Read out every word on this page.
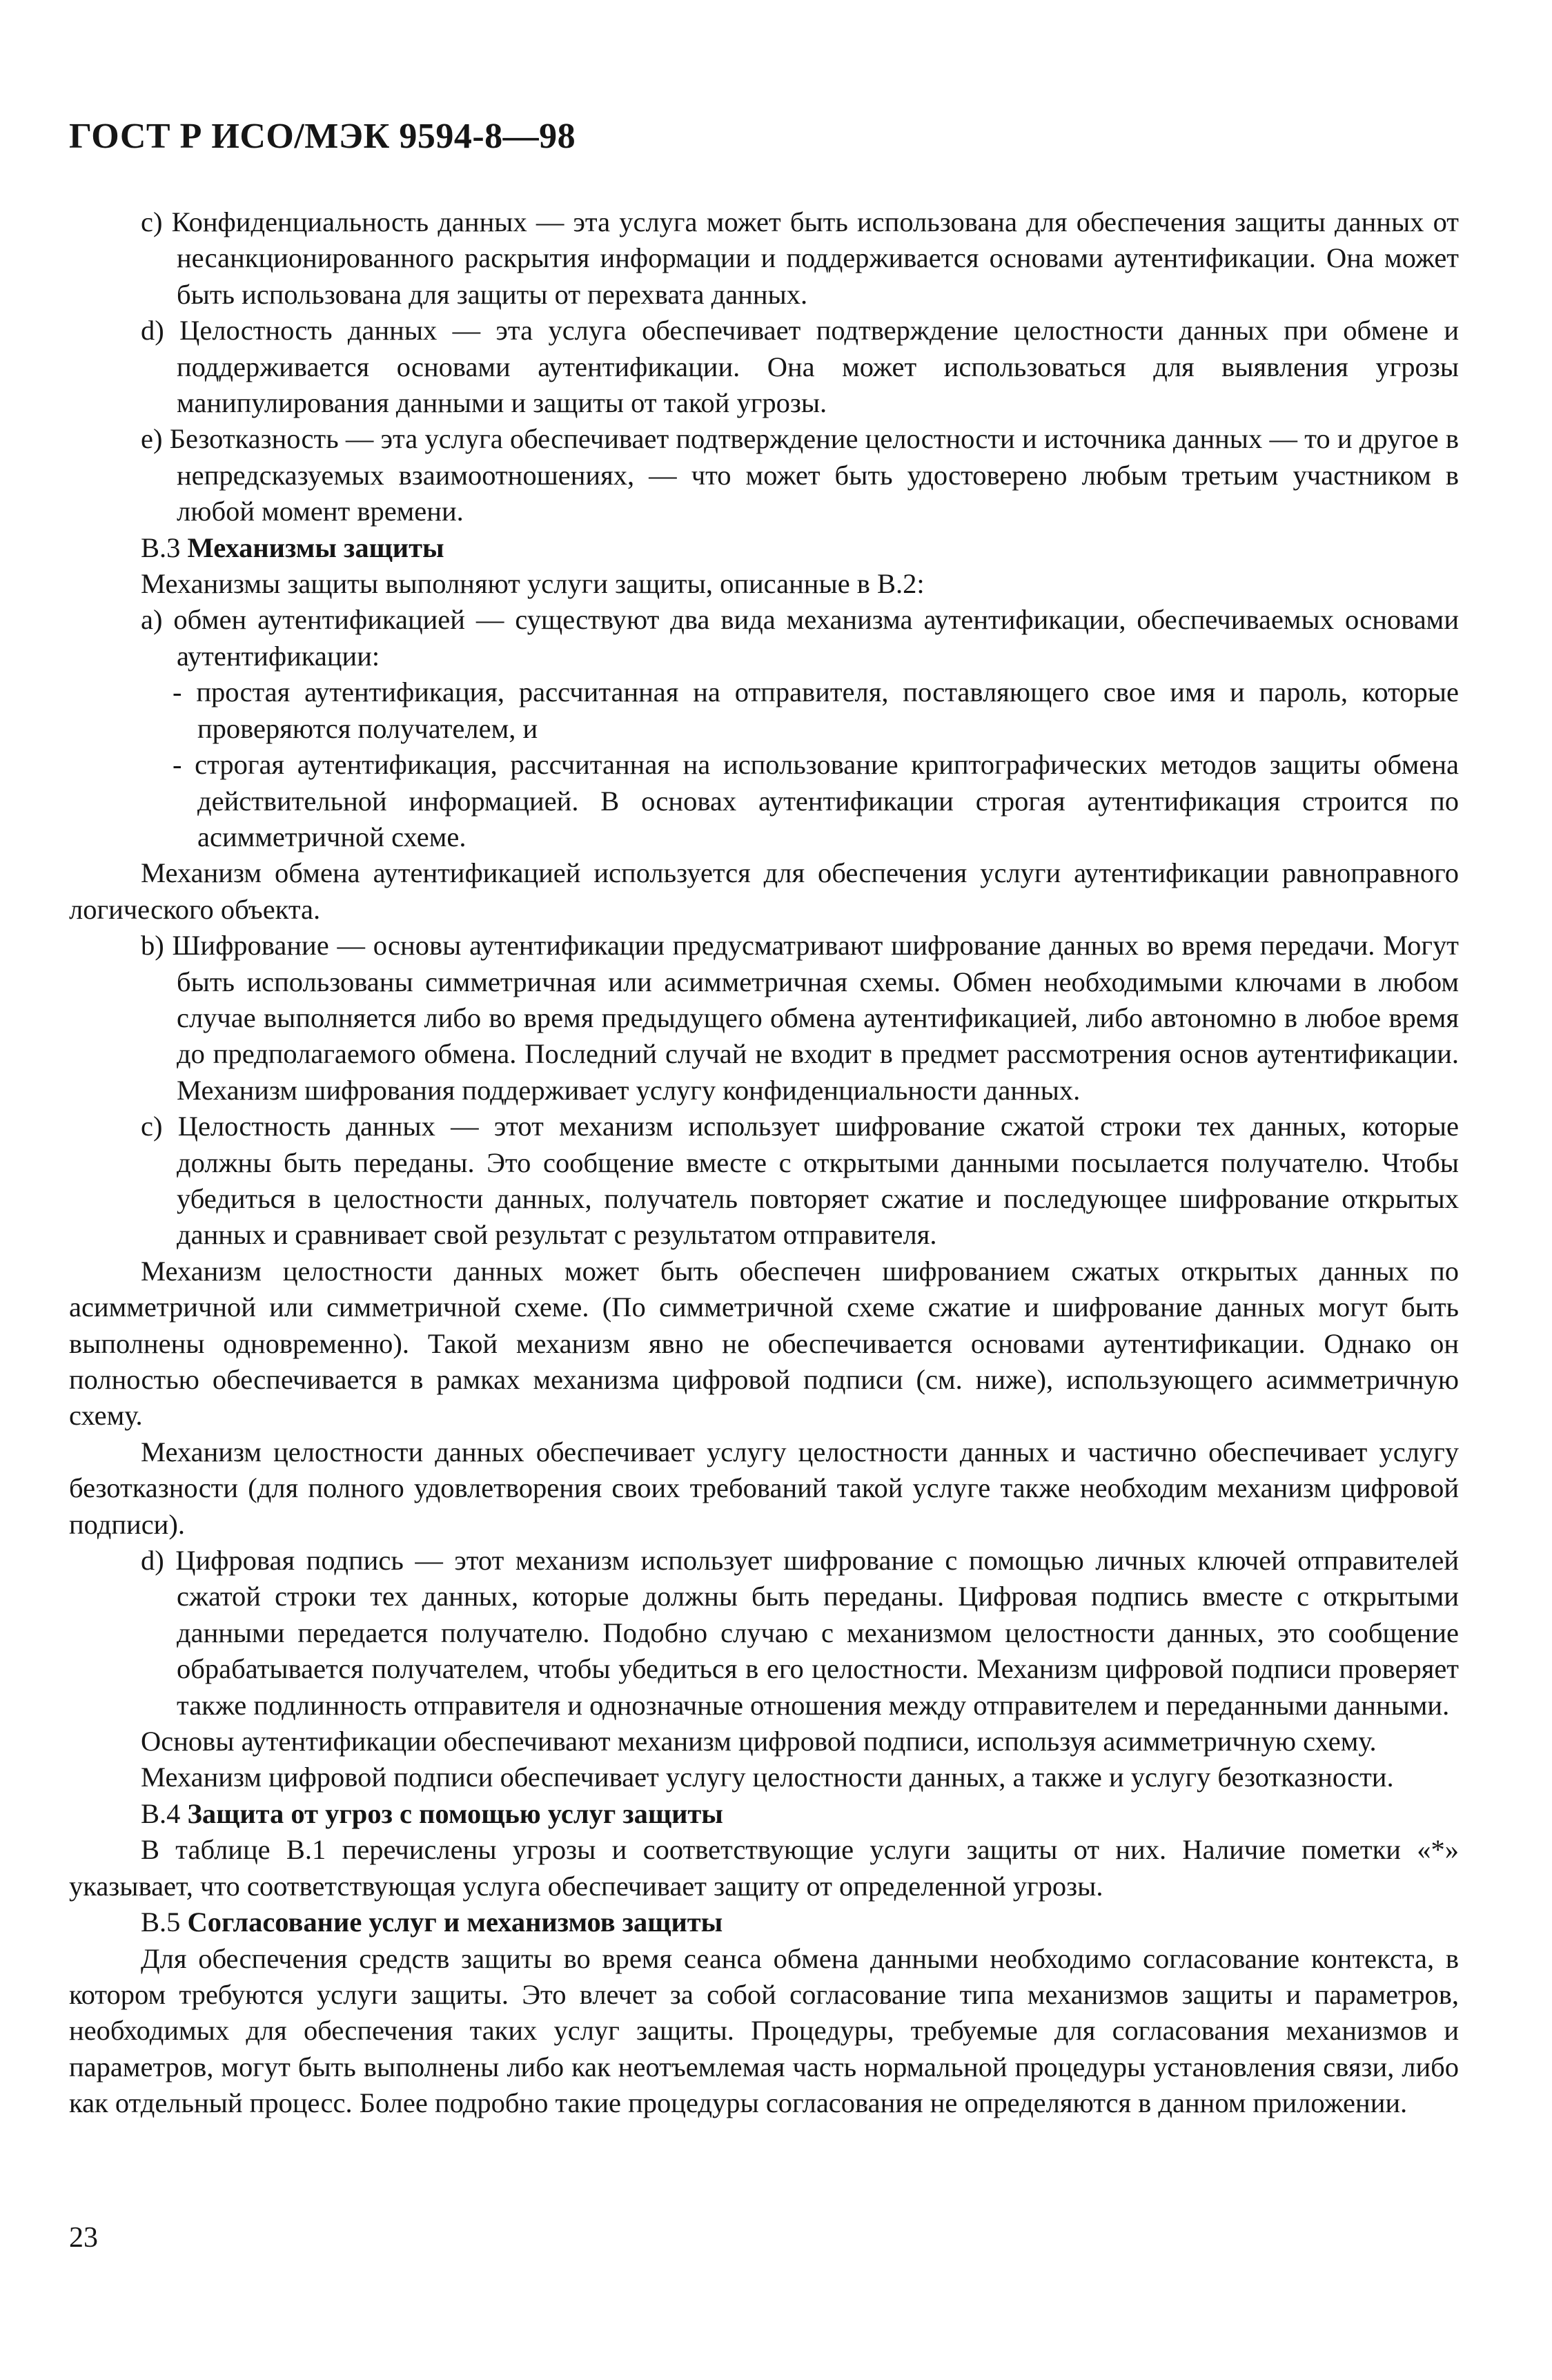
ГОСТ Р ИСО/МЭК 9594-8—98

c) Конфиденциальность данных — эта услуга может быть использована для обеспечения защиты данных от несанкционированного раскрытия информации и поддерживается основами аутентификации. Она может быть использована для защиты от перехвата данных.

d) Целостность данных — эта услуга обеспечивает подтверждение целостности данных при обмене и поддерживается основами аутентификации. Она может использоваться для выявления угрозы манипулирования данными и защиты от такой угрозы.

e) Безотказность — эта услуга обеспечивает подтверждение целостности и источника данных — то и другое в непредсказуемых взаимоотношениях, — что может быть удостоверено любым третьим участником в любой момент времени.

B.3 Механизмы защиты

Механизмы защиты выполняют услуги защиты, описанные в В.2:

a) обмен аутентификацией — существуют два вида механизма аутентификации, обеспечиваемых основами аутентификации:

- простая аутентификация, рассчитанная на отправителя, поставляющего свое имя и пароль, которые проверяются получателем, и

- строгая аутентификация, рассчитанная на использование криптографических методов защиты обмена действительной информацией. В основах аутентификации строгая аутентификация строится по асимметричной схеме.

Механизм обмена аутентификацией используется для обеспечения услуги аутентификации равноправного логического объекта.

b) Шифрование — основы аутентификации предусматривают шифрование данных во время передачи. Могут быть использованы симметричная или асимметричная схемы. Обмен необходимыми ключами в любом случае выполняется либо во время предыдущего обмена аутентификацией, либо автономно в любое время до предполагаемого обмена. Последний случай не входит в предмет рассмотрения основ аутентификации. Механизм шифрования поддерживает услугу конфиденциальности данных.

c) Целостность данных — этот механизм использует шифрование сжатой строки тех данных, которые должны быть переданы. Это сообщение вместе с открытыми данными посылается получателю. Чтобы убедиться в целостности данных, получатель повторяет сжатие и последующее шифрование открытых данных и сравнивает свой результат с результатом отправителя.

Механизм целостности данных может быть обеспечен шифрованием сжатых открытых данных по асимметричной или симметричной схеме. (По симметричной схеме сжатие и шифрование данных могут быть выполнены одновременно). Такой механизм явно не обеспечивается основами аутентификации. Однако он полностью обеспечивается в рамках механизма цифровой подписи (см. ниже), использующего асимметричную схему.

Механизм целостности данных обеспечивает услугу целостности данных и частично обеспечивает услугу безотказности (для полного удовлетворения своих требований такой услуге также необходим механизм цифровой подписи).

d) Цифровая подпись — этот механизм использует шифрование с помощью личных ключей отправителей сжатой строки тех данных, которые должны быть переданы. Цифровая подпись вместе с открытыми данными передается получателю. Подобно случаю с механизмом целостности данных, это сообщение обрабатывается получателем, чтобы убедиться в его целостности. Механизм цифровой подписи проверяет также подлинность отправителя и однозначные отношения между отправителем и переданными данными.

Основы аутентификации обеспечивают механизм цифровой подписи, используя асимметричную схему.

Механизм цифровой подписи обеспечивает услугу целостности данных, а также и услугу безотказности.

B.4 Защита от угроз с помощью услуг защиты

В таблице В.1 перечислены угрозы и соответствующие услуги защиты от них. Наличие пометки «*» указывает, что соответствующая услуга обеспечивает защиту от определенной угрозы.

B.5 Согласование услуг и механизмов защиты

Для обеспечения средств защиты во время сеанса обмена данными необходимо согласование контекста, в котором требуются услуги защиты. Это влечет за собой согласование типа механизмов защиты и параметров, необходимых для обеспечения таких услуг защиты. Процедуры, требуемые для согласования механизмов и параметров, могут быть выполнены либо как неотъемлемая часть нормальной процедуры установления связи, либо как отдельный процесс. Более подробно такие процедуры согласования не определяются в данном приложении.

23
